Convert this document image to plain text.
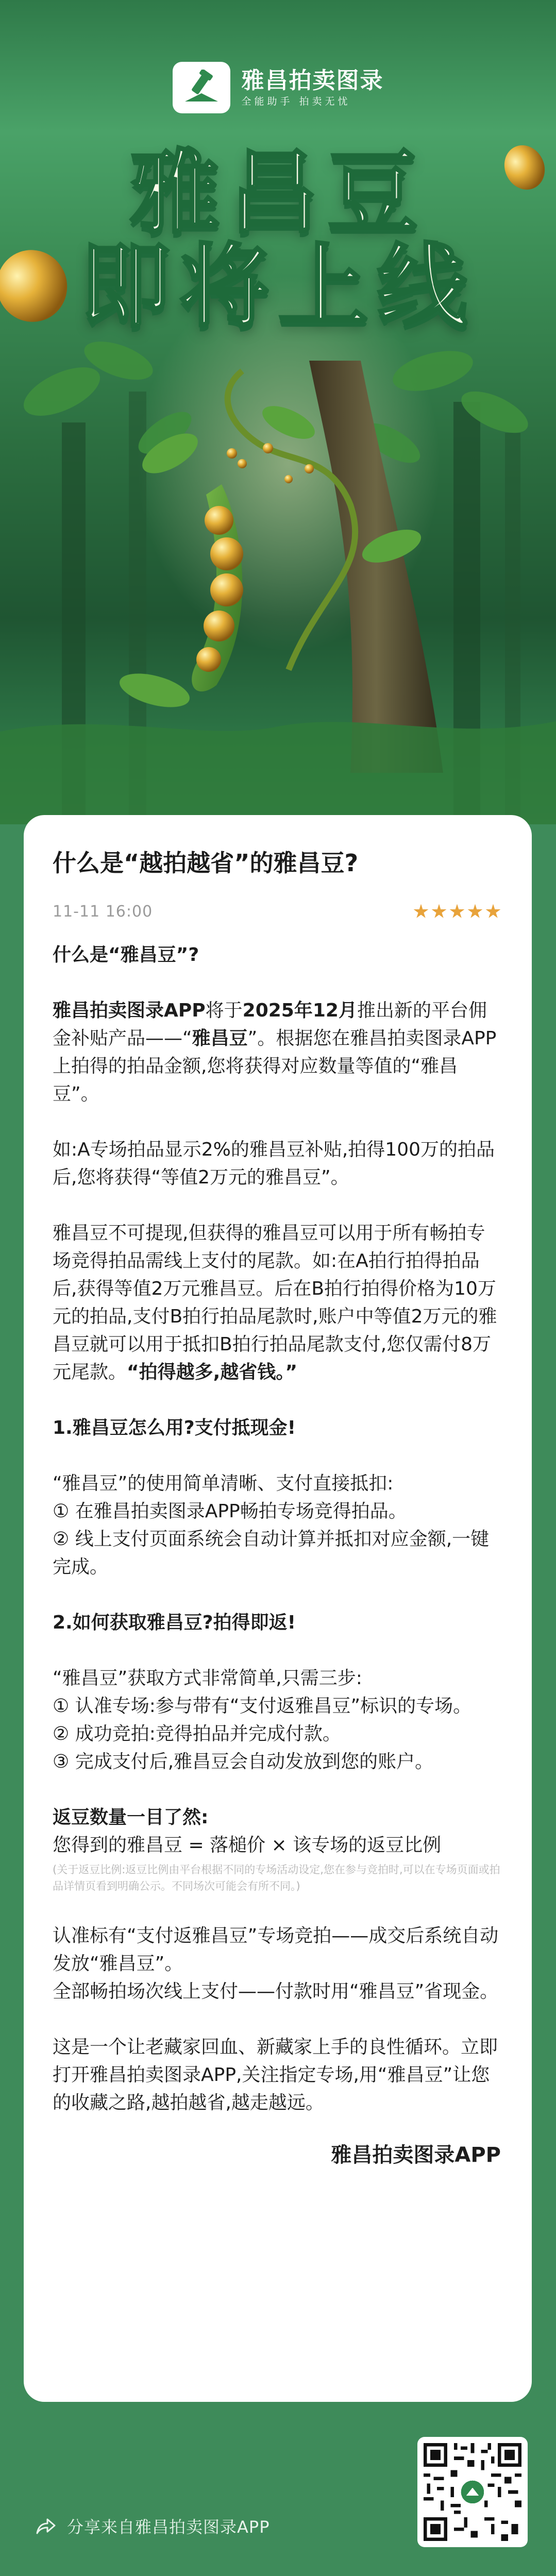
雅昌拍卖图录
全能助手 拍卖无忧
雅昌豆
即将上线
什么是“越拍越省”的雅昌豆?
11-11 16:00
什么是“雅昌豆”?
雅昌拍卖图录APP将于2025年12月推出新的平台佣金补贴产品——“雅昌豆”。根据您在雅昌拍卖图录APP上拍得的拍品金额,您将获得对应数量等值的“雅昌豆”。
如:A专场拍品显示2%的雅昌豆补贴,拍得100万的拍品后,您将获得“等值2万元的雅昌豆”。
雅昌豆不可提现,但获得的雅昌豆可以用于所有畅拍专场竞得拍品需线上支付的尾款。如:在A拍行拍得拍品后,获得等值2万元雅昌豆。后在B拍行拍得价格为10万元的拍品,支付B拍行拍品尾款时,账户中等值2万元的雅昌豆就可以用于抵扣B拍行拍品尾款支付,您仅需付8万元尾款。“拍得越多,越省钱。”
1.雅昌豆怎么用?支付抵现金!
“雅昌豆”的使用简单清晰、支付直接抵扣:
① 在雅昌拍卖图录APP畅拍专场竞得拍品。
② 线上支付页面系统会自动计算并抵扣对应金额,一键完成。
2.如何获取雅昌豆?拍得即返!
“雅昌豆”获取方式非常简单,只需三步:
① 认准专场:参与带有“支付返雅昌豆”标识的专场。
② 成功竞拍:竞得拍品并完成付款。
③ 完成支付后,雅昌豆会自动发放到您的账户。
返豆数量一目了然:
您得到的雅昌豆 = 落槌价 × 该专场的返豆比例
(关于返豆比例:返豆比例由平台根据不同的专场活动设定,您在参与竞拍时,可以在专场页面或拍品详情页看到明确公示。不同场次可能会有所不同。)
认准标有“支付返雅昌豆”专场竞拍——成交后系统自动发放“雅昌豆”。
全部畅拍场次线上支付——付款时用“雅昌豆”省现金。
这是一个让老藏家回血、新藏家上手的良性循环。立即打开雅昌拍卖图录APP,关注指定专场,用“雅昌豆”让您的收藏之路,越拍越省,越走越远。
雅昌拍卖图录APP
分享来自雅昌拍卖图录APP
